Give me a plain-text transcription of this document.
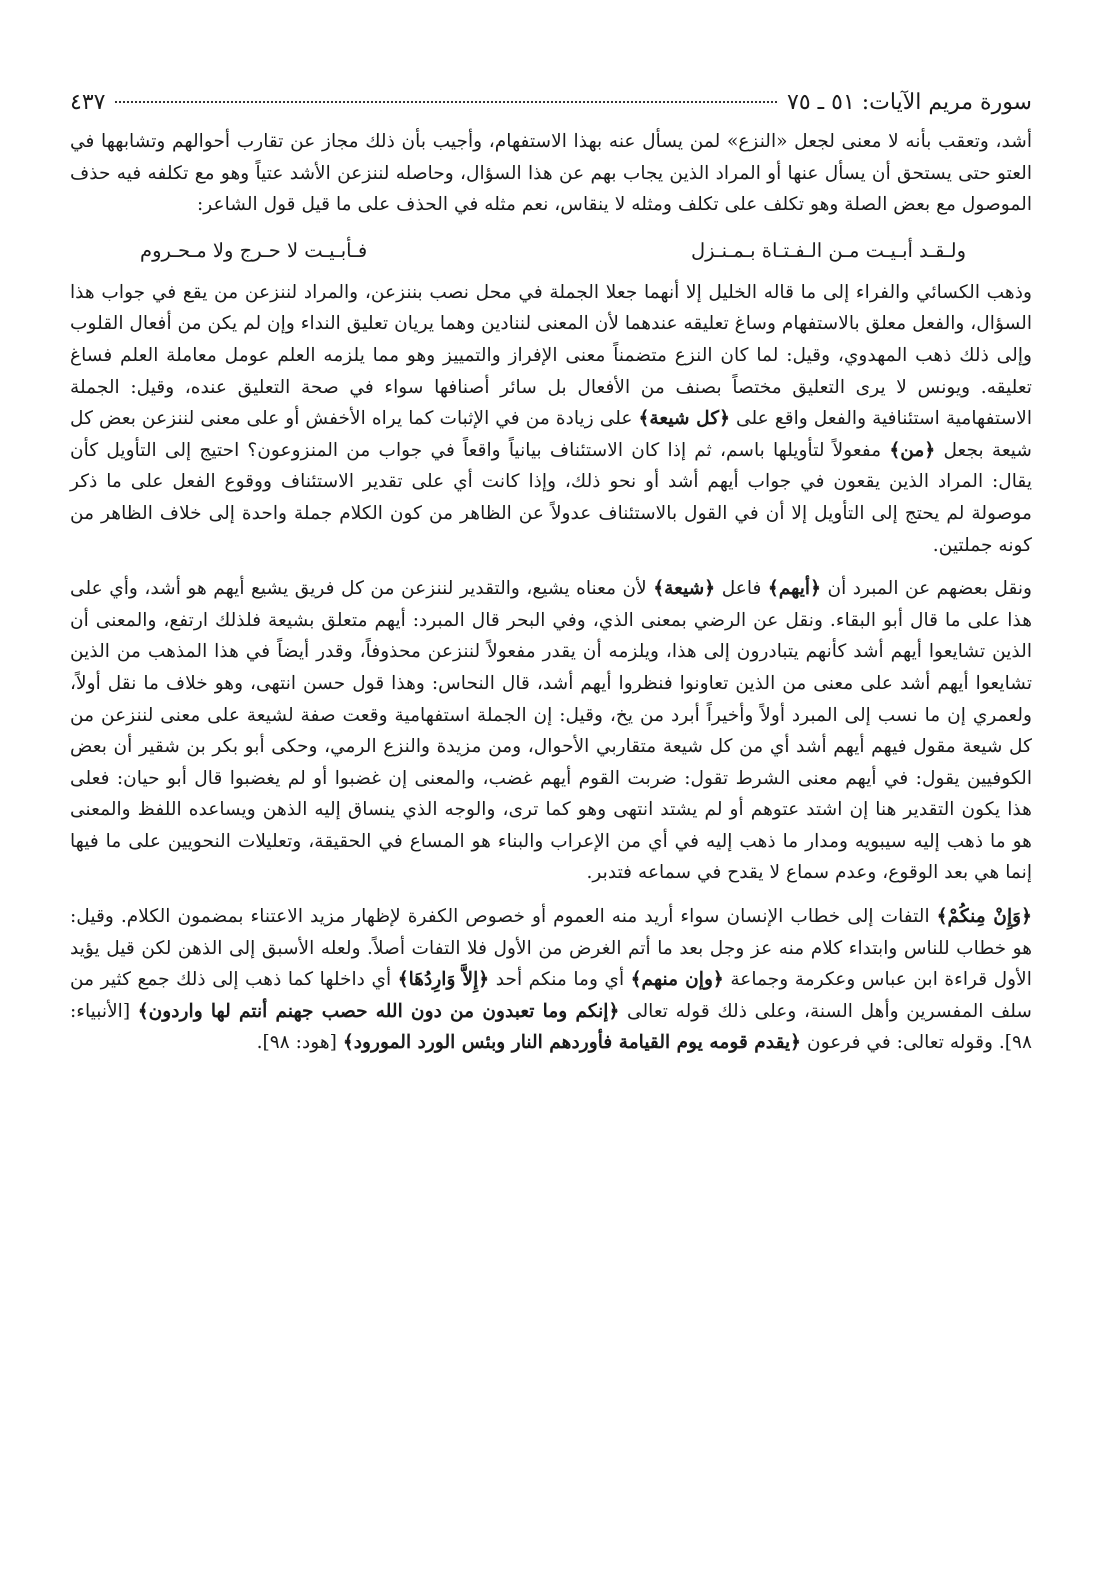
سورة مريم الآيات: ٥١ ـ ٧٥
٤٣٧

أشد، وتعقب بأنه لا معنى لجعل «النزع» لمن يسأل عنه بهذا الاستفهام، وأجيب بأن ذلك مجاز عن تقارب أحوالهم وتشابهها في العتو حتى يستحق أن يسأل عنها أو المراد الذين يجاب بهم عن هذا السؤال، وحاصله لننزعن الأشد عتياً وهو مع تكلفه فيه حذف الموصول مع بعض الصلة وهو تكلف على تكلف ومثله لا ينقاس، نعم مثله في الحذف على ما قيل قول الشاعر:

ولـقـد أبـيـت مـن الـفـتـاة بـمـنـزل
فـأبـيـت لا حـرج ولا مـحـروم

وذهب الكسائي والفراء إلى ما قاله الخليل إلا أنهما جعلا الجملة في محل نصب بننزعن، والمراد لننزعن من يقع في جواب هذا السؤال، والفعل معلق بالاستفهام وساغ تعليقه عندهما لأن المعنى لننادين وهما يريان تعليق النداء وإن لم يكن من أفعال القلوب وإلى ذلك ذهب المهدوي، وقيل: لما كان النزع متضمناً معنى الإفراز والتمييز وهو مما يلزمه العلم عومل معاملة العلم فساغ تعليقه. ويونس لا يرى التعليق مختصاً بصنف من الأفعال بل سائر أصنافها سواء في صحة التعليق عنده، وقيل: الجملة الاستفهامية استئنافية والفعل واقع على ﴿كل شيعة﴾ على زيادة من في الإثبات كما يراه الأخفش أو على معنى لننزعن بعض كل شيعة بجعل ﴿من﴾ مفعولاً لتأويلها باسم، ثم إذا كان الاستئناف بيانياً واقعاً في جواب من المنزوعون؟ احتيج إلى التأويل كأن يقال: المراد الذين يقعون في جواب أيهم أشد أو نحو ذلك، وإذا كانت أي على تقدير الاستئناف ووقوع الفعل على ما ذكر موصولة لم يحتج إلى التأويل إلا أن في القول بالاستئناف عدولاً عن الظاهر من كون الكلام جملة واحدة إلى خلاف الظاهر من كونه جملتين.

ونقل بعضهم عن المبرد أن ﴿أيهم﴾ فاعل ﴿شيعة﴾ لأن معناه يشيع، والتقدير لننزعن من كل فريق يشيع أيهم هو أشد، وأي على هذا على ما قال أبو البقاء. ونقل عن الرضي بمعنى الذي، وفي البحر قال المبرد: أيهم متعلق بشيعة فلذلك ارتفع، والمعنى أن الذين تشايعوا أيهم أشد كأنهم يتبادرون إلى هذا، ويلزمه أن يقدر مفعولاً لننزعن محذوفاً، وقدر أيضاً في هذا المذهب من الذين تشايعوا أيهم أشد على معنى من الذين تعاونوا فنظروا أيهم أشد، قال النحاس: وهذا قول حسن انتهى، وهو خلاف ما نقل أولاً، ولعمري إن ما نسب إلى المبرد أولاً وأخيراً أبرد من يخ، وقيل: إن الجملة استفهامية وقعت صفة لشيعة على معنى لننزعن من كل شيعة مقول فيهم أيهم أشد أي من كل شيعة متقاربي الأحوال، ومن مزيدة والنزع الرمي، وحكى أبو بكر بن شقير أن بعض الكوفيين يقول: في أيهم معنى الشرط تقول: ضربت القوم أيهم غضب، والمعنى إن غضبوا أو لم يغضبوا قال أبو حيان: فعلى هذا يكون التقدير هنا إن اشتد عتوهم أو لم يشتد انتهى وهو كما ترى، والوجه الذي ينساق إليه الذهن ويساعده اللفظ والمعنى هو ما ذهب إليه سيبويه ومدار ما ذهب إليه في أي من الإعراب والبناء هو المساع في الحقيقة، وتعليلات النحويين على ما فيها إنما هي بعد الوقوع، وعدم سماع لا يقدح في سماعه فتدبر.

﴿وَإِنْ مِنكُمْ﴾ التفات إلى خطاب الإنسان سواء أريد منه العموم أو خصوص الكفرة لإظهار مزيد الاعتناء بمضمون الكلام. وقيل: هو خطاب للناس وابتداء كلام منه عز وجل بعد ما أتم الغرض من الأول فلا التفات أصلاً. ولعله الأسبق إلى الذهن لكن قيل يؤيد الأول قراءة ابن عباس وعكرمة وجماعة ﴿وإن منهم﴾ أي وما منكم أحد ﴿إِلاَّ وَارِدُهَا﴾ أي داخلها كما ذهب إلى ذلك جمع كثير من سلف المفسرين وأهل السنة، وعلى ذلك قوله تعالى ﴿إنكم وما تعبدون من دون الله حصب جهنم أنتم لها واردون﴾ [الأنبياء: ٩٨]. وقوله تعالى: في فرعون ﴿يقدم قومه يوم القيامة فأوردهم النار وبئس الورد المورود﴾ [هود: ٩٨].
